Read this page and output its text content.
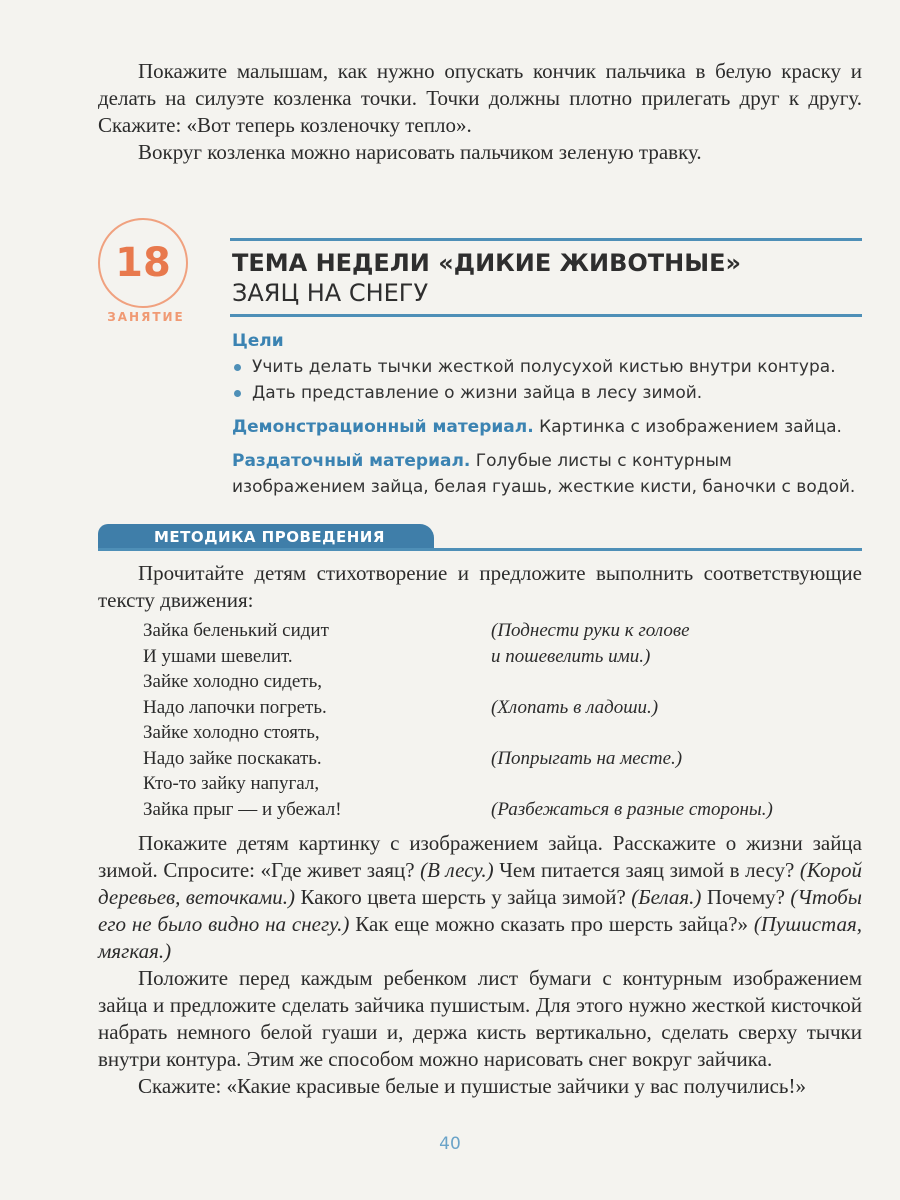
Покажите малышам, как нужно опускать кончик пальчика в белую краску и делать на силуэте козленка точки. Точки должны плотно прилегать друг к другу. Скажите: «Вот теперь козленочку тепло».

Вокруг козленка можно нарисовать пальчиком зеленую травку.

18
ЗАНЯТИЕ
ТЕМА НЕДЕЛИ «ДИКИЕ ЖИВОТНЫЕ»
ЗАЯЦ НА СНЕГУ
Цели
Учить делать тычки жесткой полусухой кистью внутри контура.
Дать представление о жизни зайца в лесу зимой.
Демонстрационный материал. Картинка с изображением зайца.
Раздаточный материал. Голубые листы с контурным изображением зайца, белая гуашь, жесткие кисти, баночки с водой.
МЕТОДИКА ПРОВЕДЕНИЯ

Прочитайте детям стихотворение и предложите выполнить соответствующие тексту движения:

Зайка беленький сидит	(Поднести руки к голове
И ушами шевелит.	и пошевелить ими.)
Зайке холодно сидеть,
Надо лапочки погреть.	(Хлопать в ладоши.)
Зайке холодно стоять,
Надо зайке поскакать.	(Попрыгать на месте.)
Кто-то зайку напугал,
Зайка прыг — и убежал!	(Разбежаться в разные стороны.)

Покажите детям картинку с изображением зайца. Расскажите о жизни зайца зимой. Спросите: «Где живет заяц? (В лесу.) Чем питается заяц зимой в лесу? (Корой деревьев, веточками.) Какого цвета шерсть у зайца зимой? (Белая.) Почему? (Чтобы его не было видно на снегу.) Как еще можно сказать про шерсть зайца?» (Пушистая, мягкая.)

Положите перед каждым ребенком лист бумаги с контурным изображением зайца и предложите сделать зайчика пушистым. Для этого нужно жесткой кисточкой набрать немного белой гуаши и, держа кисть вертикально, сделать сверху тычки внутри контура. Этим же способом можно нарисовать снег вокруг зайчика.

Скажите: «Какие красивые белые и пушистые зайчики у вас получились!»

40
